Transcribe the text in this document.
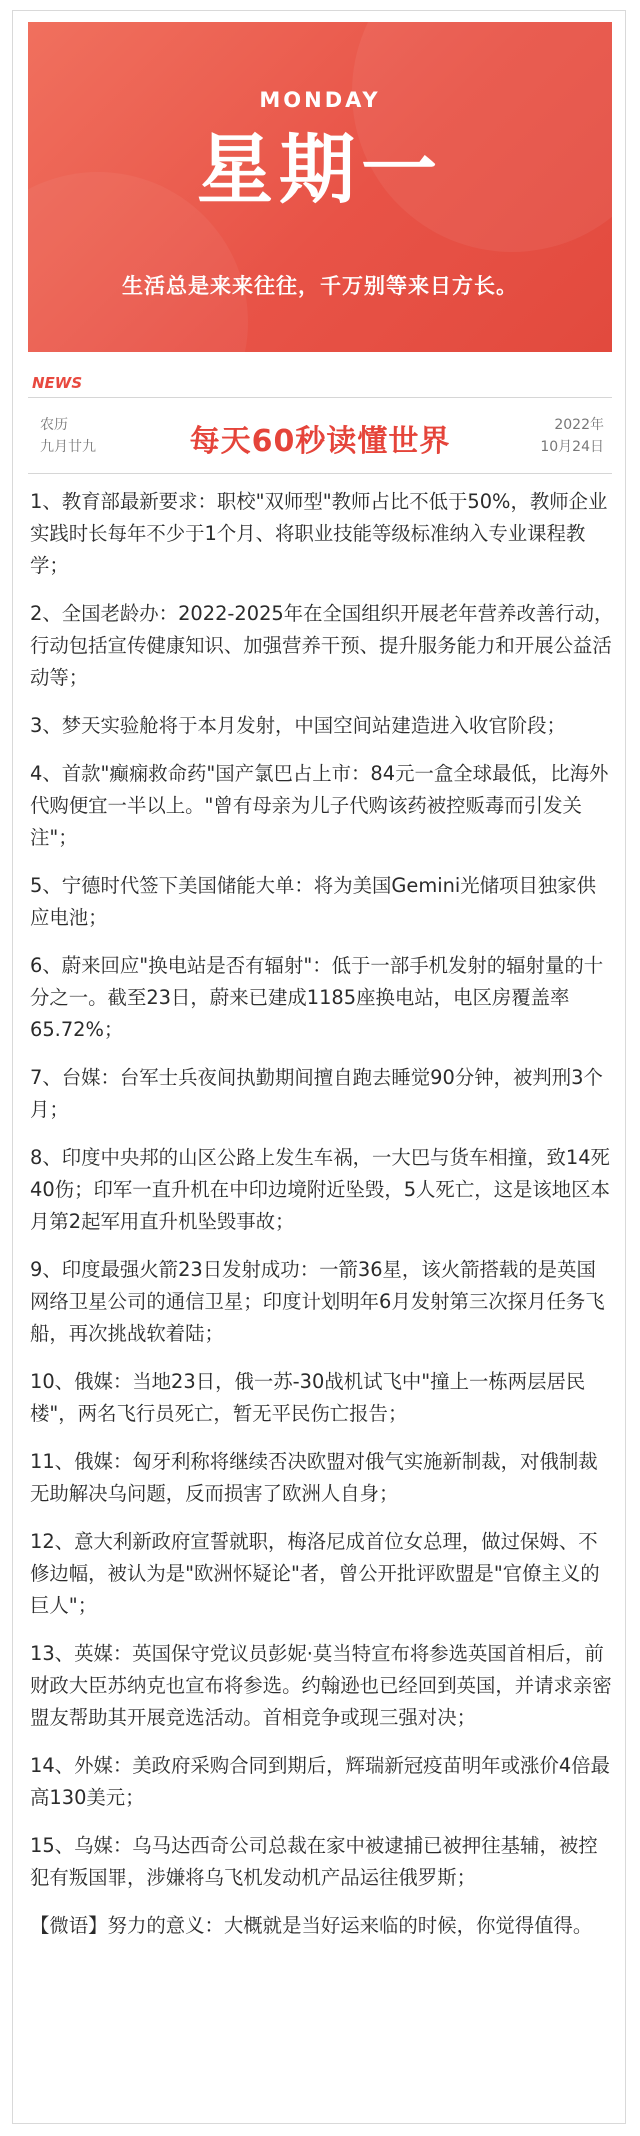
MONDAY
星期一
生活总是来来往往，千万别等来日方长。
NEWS
农历
九月廿九	每天60秒读懂世界	2022年
10月24日
1、教育部最新要求：职校"双师型"教师占比不低于50%，教师企业实践时长每年不少于1个月、将职业技能等级标准纳入专业课程教学；
2、全国老龄办：2022-2025年在全国组织开展老年营养改善行动，行动包括宣传健康知识、加强营养干预、提升服务能力和开展公益活动等；
3、梦天实验舱将于本月发射，中国空间站建造进入收官阶段；
4、首款"癫痫救命药"国产氯巴占上市：84元一盒全球最低，比海外代购便宜一半以上。"曾有母亲为儿子代购该药被控贩毒而引发关注"；
5、宁德时代签下美国储能大单：将为美国Gemini光储项目独家供应电池；
6、蔚来回应"换电站是否有辐射"：低于一部手机发射的辐射量的十分之一。截至23日，蔚来已建成1185座换电站，电区房覆盖率65.72%；
7、台媒：台军士兵夜间执勤期间擅自跑去睡觉90分钟，被判刑3个月；
8、印度中央邦的山区公路上发生车祸，一大巴与货车相撞，致14死40伤；印军一直升机在中印边境附近坠毁，5人死亡，这是该地区本月第2起军用直升机坠毁事故；
9、印度最强火箭23日发射成功：一箭36星，该火箭搭载的是英国网络卫星公司的通信卫星；印度计划明年6月发射第三次探月任务飞船，再次挑战软着陆；
10、俄媒：当地23日，俄一苏-30战机试飞中"撞上一栋两层居民楼"，两名飞行员死亡，暂无平民伤亡报告；
11、俄媒：匈牙利称将继续否决欧盟对俄气实施新制裁，对俄制裁无助解决乌问题，反而损害了欧洲人自身；
12、意大利新政府宣誓就职，梅洛尼成首位女总理，做过保姆、不修边幅，被认为是"欧洲怀疑论"者，曾公开批评欧盟是"官僚主义的巨人"；
13、英媒：英国保守党议员彭妮·莫当特宣布将参选英国首相后，前财政大臣苏纳克也宣布将参选。约翰逊也已经回到英国，并请求亲密盟友帮助其开展竞选活动。首相竞争或现三强对决；
14、外媒：美政府采购合同到期后，辉瑞新冠疫苗明年或涨价4倍最高130美元；
15、乌媒：乌马达西奇公司总裁在家中被逮捕已被押往基辅，被控犯有叛国罪，涉嫌将乌飞机发动机产品运往俄罗斯；
【微语】努力的意义：大概就是当好运来临的时候，你觉得值得。
